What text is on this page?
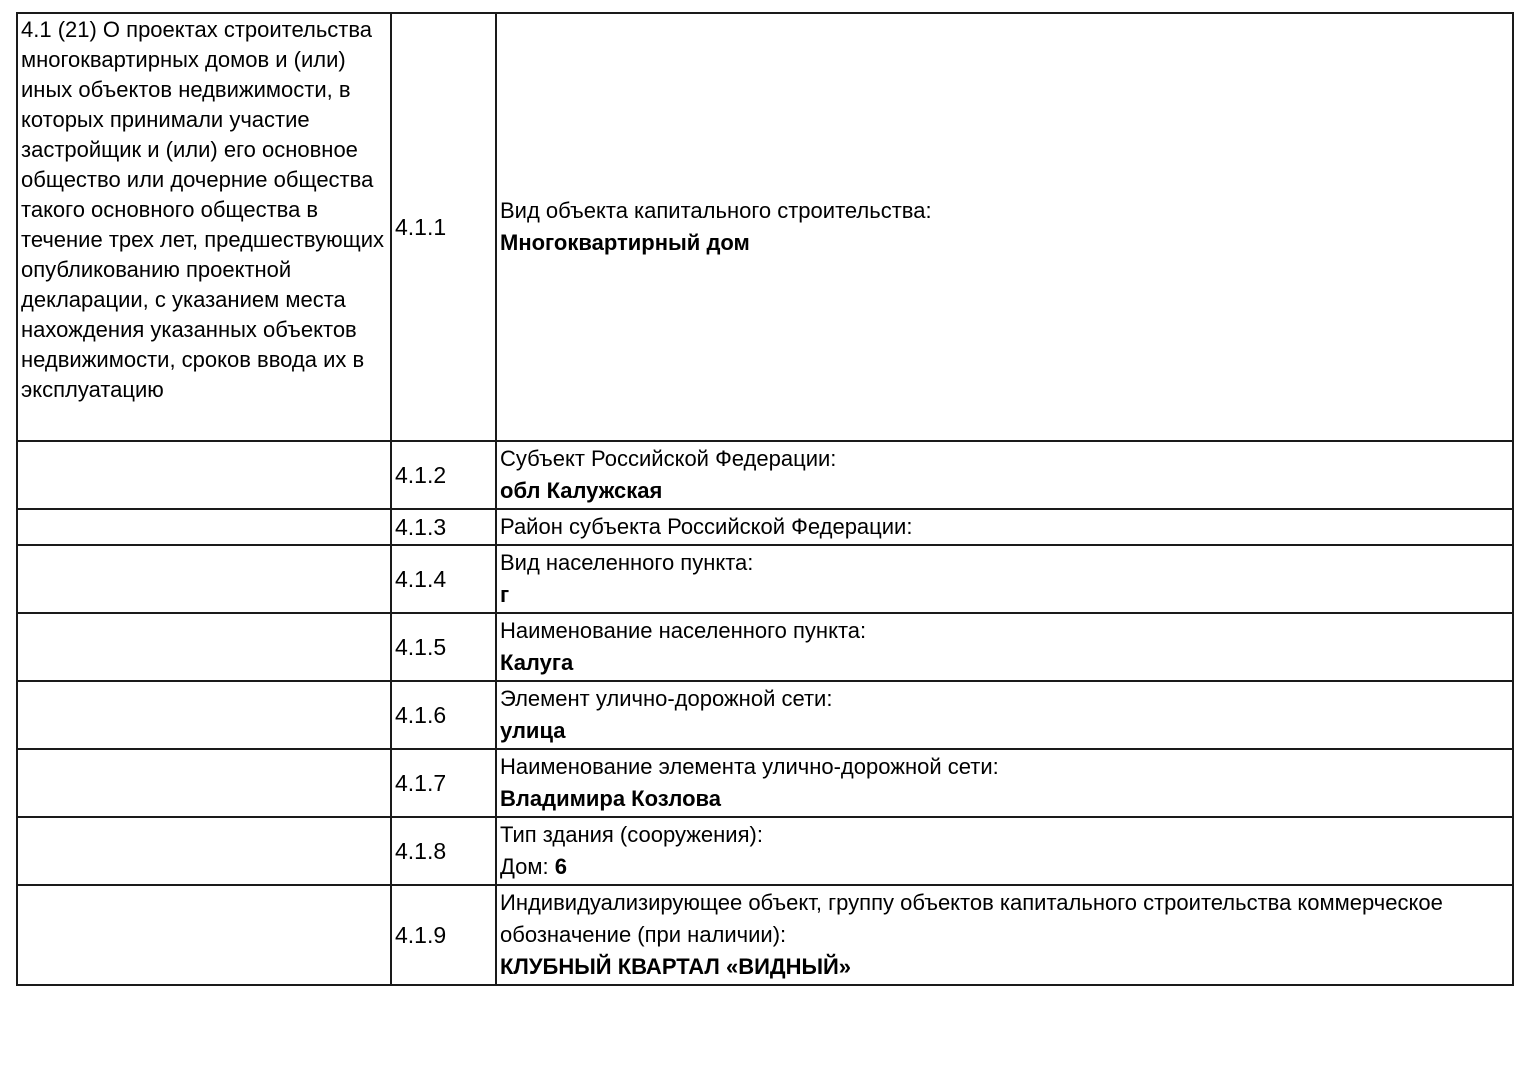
4.1 (21) О проектах строительства многоквартирных домов и (или) иных объектов недвижимости, в которых принимали участие застройщик и (или) его основное общество или дочерние общества такого основного общества в течение трех лет, предшествующих опубликованию проектной декларации, с указанием места нахождения указанных объектов недвижимости, сроков ввода их в эксплуатацию	4.1.1	Вид объекта капитального строительства:
Многоквартирный дом

	4.1.2	Субъект Российской Федерации:
обл Калужская

	4.1.3	Район субъекта Российской Федерации:

	4.1.4	Вид населенного пункта:
г

	4.1.5	Наименование населенного пункта:
Калуга

	4.1.6	Элемент улично-дорожной сети:
улица

	4.1.7	Наименование элемента улично-дорожной сети:
Владимира Козлова

	4.1.8	Тип здания (сооружения):
Дом: 6

	4.1.9	Индивидуализирующее объект, группу объектов капитального строительства коммерческое обозначение (при наличии):
КЛУБНЫЙ КВАРТАЛ «ВИДНЫЙ»
